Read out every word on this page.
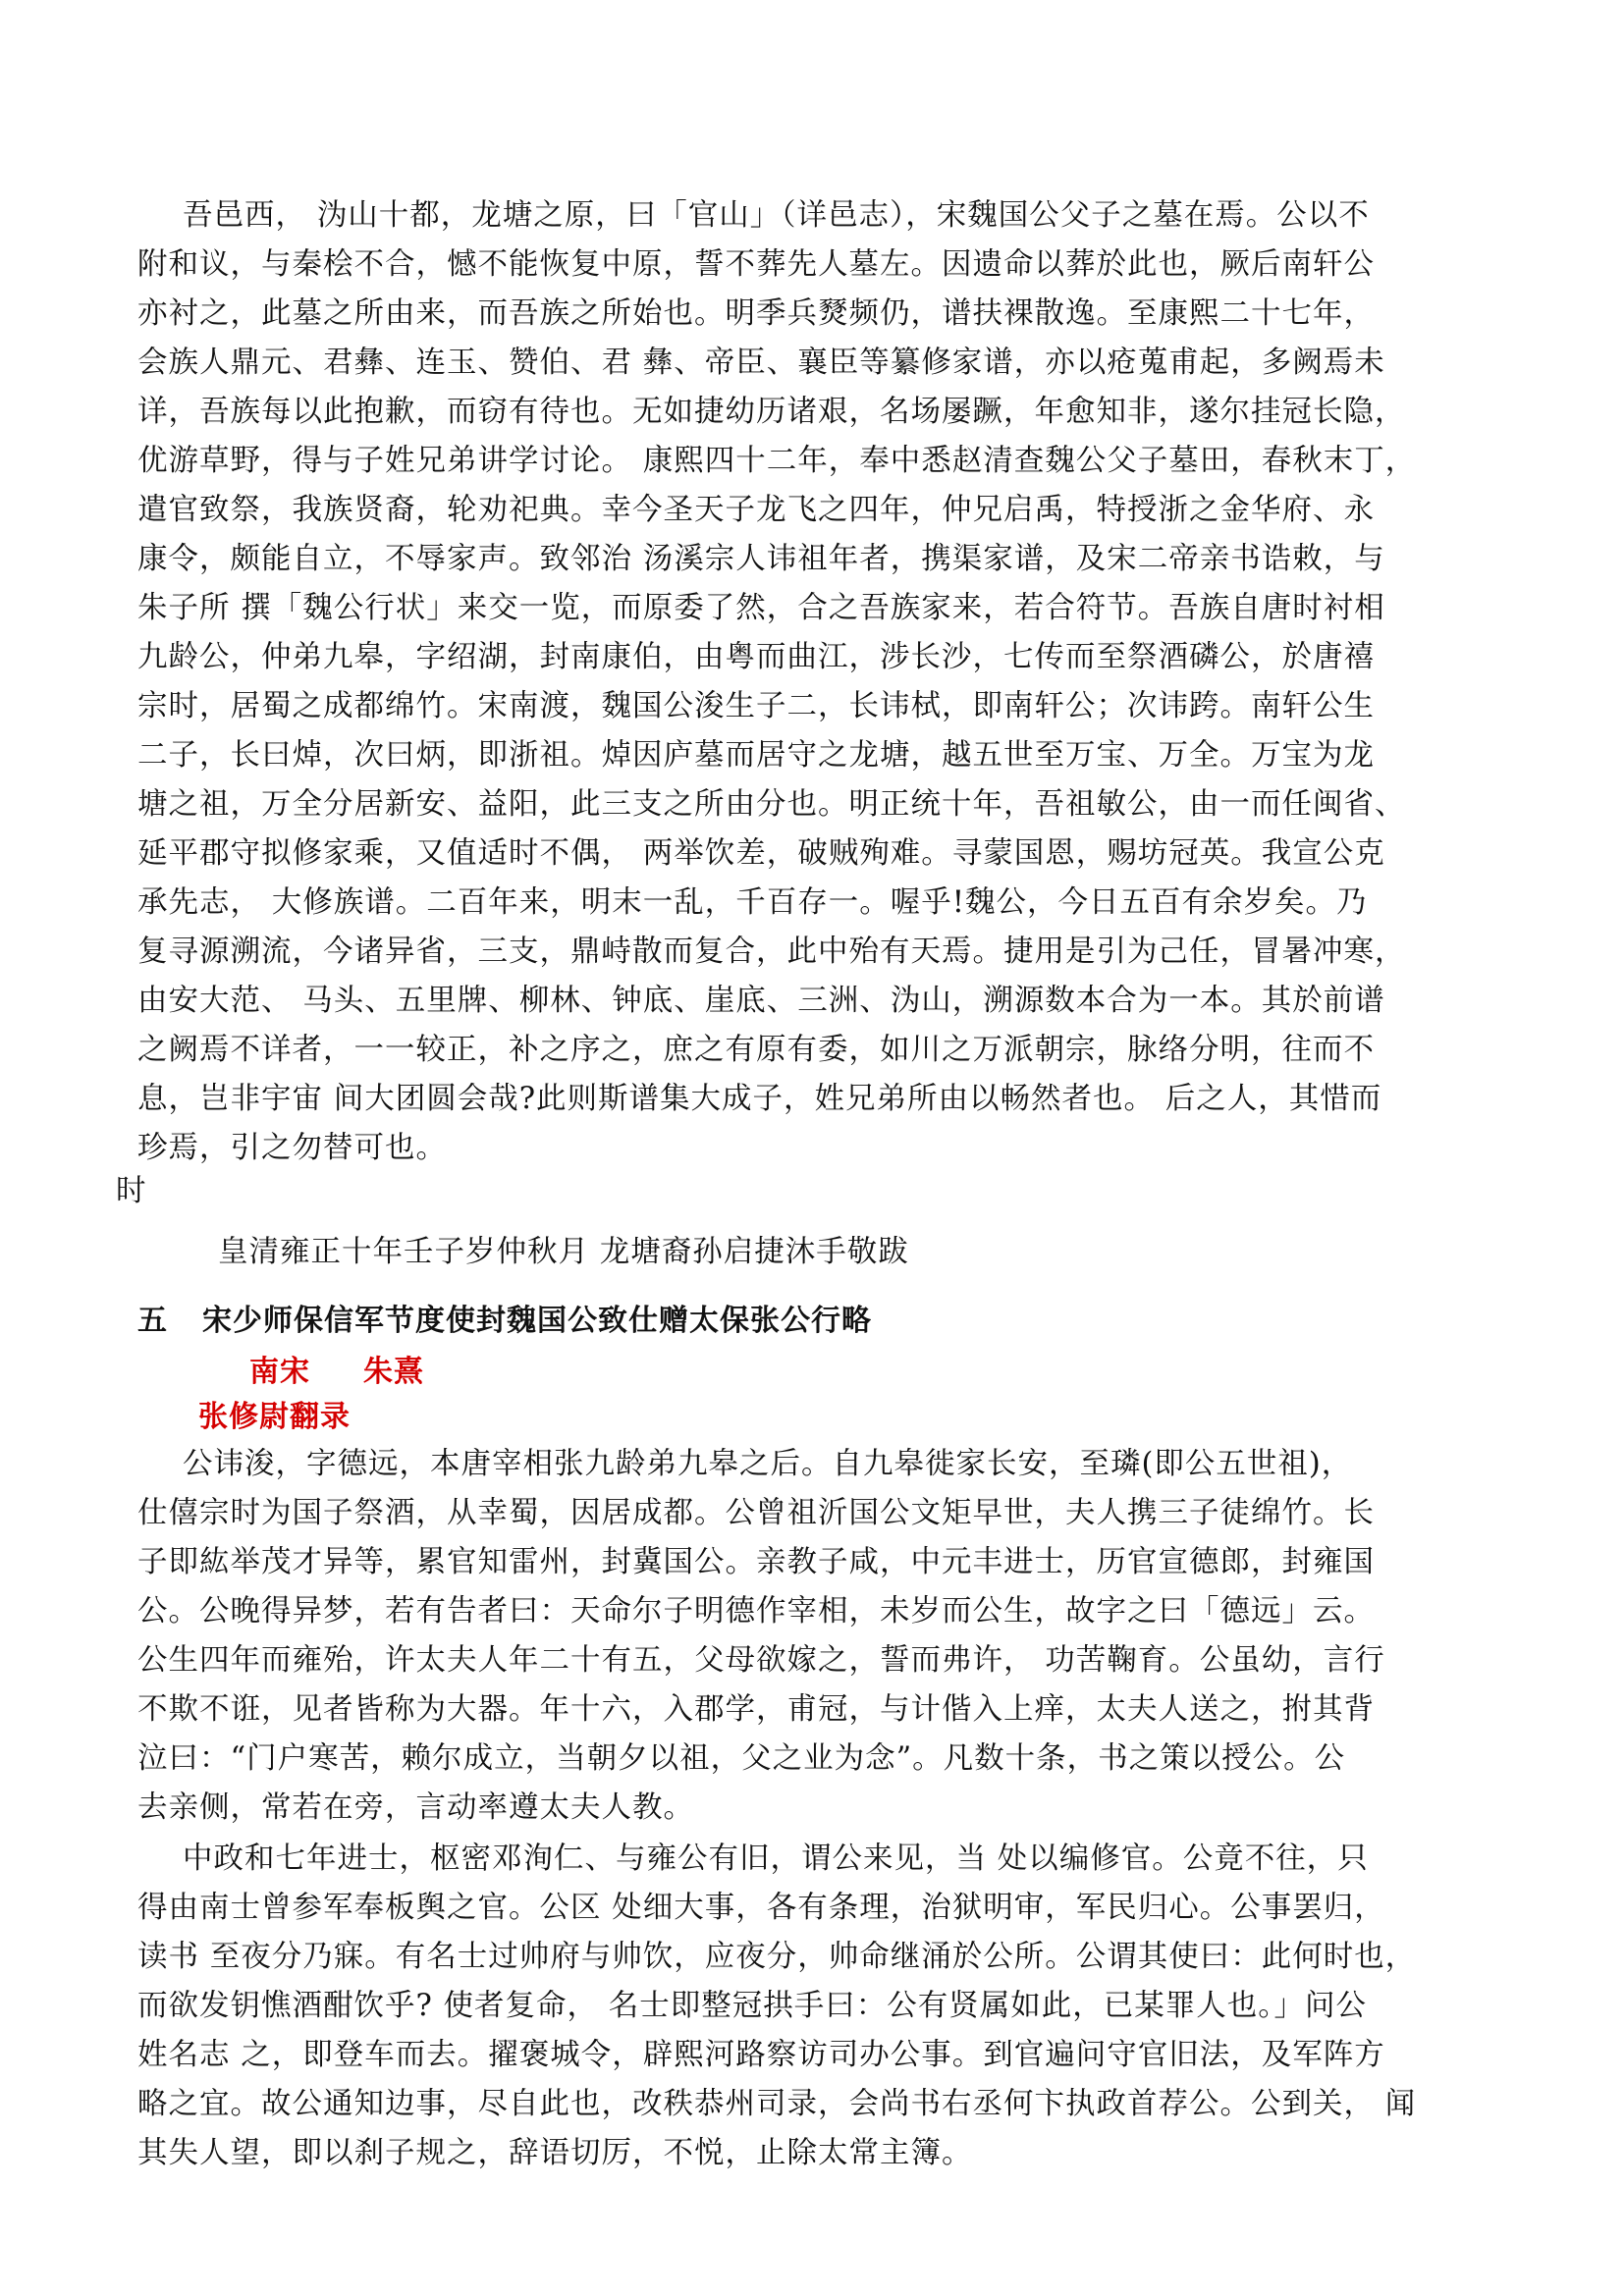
吾邑西， 沩山十都，龙塘之原，曰「官山」（详邑志），宋魏国公父子之墓在焉。公以不
附和议，与秦桧不合，憾不能恢复中原，誓不葬先人墓左。因遗命以葬於此也，厥后南轩公
亦衬之，此墓之所由来，而吾族之所始也。明季兵燹频仍，谱扶裸散逸。至康熙二十七年，
会族人鼎元、君彝、连玉、赞伯、君 彝、帝臣、襄臣等纂修家谱，亦以疮蒐甫起，多阙焉未
详，吾族每以此抱歉，而窃有待也。无如捷幼历诸艰，名场屡蹶，年愈知非，遂尔挂冠长隐，
优游草野，得与子姓兄弟讲学讨论。 康熙四十二年，奉中悉赵清查魏公父子墓田，春秋末丁，
遣官致祭，我族贤裔，轮劝祀典。幸今圣天子龙飞之四年，仲兄启禹，特授浙之金华府、永
康令，颇能自立，不辱家声。致邻治 汤溪宗人讳祖年者，携渠家谱，及宋二帝亲书诰敕，与
朱子所 撰「魏公行状」来交一览，而原委了然，合之吾族家来，若合符节。吾族自唐时衬相
九龄公，仲弟九皋，字绍湖，封南康伯，由粤而曲江，涉长沙，七传而至祭酒磷公，於唐禧
宗时，居蜀之成都绵竹。宋南渡，魏国公浚生子二，长讳栻，即南轩公；次讳跨。南轩公生
二子，长曰焯，次曰炳，即浙祖。焯因庐墓而居守之龙塘，越五世至万宝、万全。万宝为龙
塘之祖，万全分居新安、益阳，此三支之所由分也。明正统十年，吾祖敏公，由一而任闽省、
延平郡守拟修家乘，又值适时不偶， 两举饮差，破贼殉难。寻蒙国恩，赐坊冠英。我宣公克
承先志， 大修族谱。二百年来，明末一乱，千百存一。喔乎!魏公，今日五百有余岁矣。乃
复寻源溯流，今诸异省，三支，鼎峙散而复合，此中殆有天焉。捷用是引为己任，冒暑冲寒，
由安大范、 马头、五里牌、柳林、钟底、崖底、三洲、沩山，溯源数本合为一本。其於前谱
之阙焉不详者，一一较正，补之序之，庶之有原有委，如川之万派朝宗，脉络分明，往而不
息，岂非宇宙 间大团圆会哉?此则斯谱集大成子，姓兄弟所由以畅然者也。 后之人，其惜而
珍焉，引之勿替可也。
时
皇清雍正十年壬子岁仲秋月 龙塘裔孙启捷沐手敬跋
五 宋少师保信军节度使封魏国公致仕赠太保张公行略
南宋 朱熹
张修尉翻录
公讳浚，字德远，本唐宰相张九龄弟九皋之后。自九皋徙家长安，至璘(即公五世祖)，
仕僖宗时为国子祭酒，从幸蜀，因居成都。公曾祖沂国公文矩早世，夫人携三子徒绵竹。长
子即紘举茂才异等，累官知雷州，封冀国公。亲教子咸，中元丰进士，历官宣德郎，封雍国
公。公晚得异梦，若有告者曰：天命尔子明德作宰相，未岁而公生，故字之曰「德远」云。
公生四年而雍殆，许太夫人年二十有五，父母欲嫁之，誓而弗许， 功苦鞠育。公虽幼，言行
不欺不诳，见者皆称为大器。年十六，入郡学，甫冠，与计偕入上痒，太夫人送之，拊其背
泣曰：“门户寒苦，赖尔成立，当朝夕以祖，父之业为念”。凡数十条，书之策以授公。公
去亲侧，常若在旁，言动率遵太夫人教。
中政和七年进士，枢密邓洵仁、与雍公有旧，谓公来见，当 处以编修官。公竟不往，只
得由南士曾参军奉板舆之官。公区 处细大事，各有条理，治狱明审，军民归心。公事罢归，
读书 至夜分乃寐。有名士过帅府与帅饮，应夜分，帅命继涌於公所。公谓其使曰：此何时也，
而欲发钥憔酒酣饮乎? 使者复命， 名士即整冠拱手曰：公有贤属如此，已某罪人也。」问公
姓名志 之，即登车而去。擢褒城令，辟熙河路察访司办公事。到官遍问守官旧法，及军阵方
略之宜。故公通知边事，尽自此也，改秩恭州司录，会尚书右丞何卞执政首荐公。公到关， 闻
其失人望，即以刹子规之，辞语切厉，不悦，止除太常主簿。
